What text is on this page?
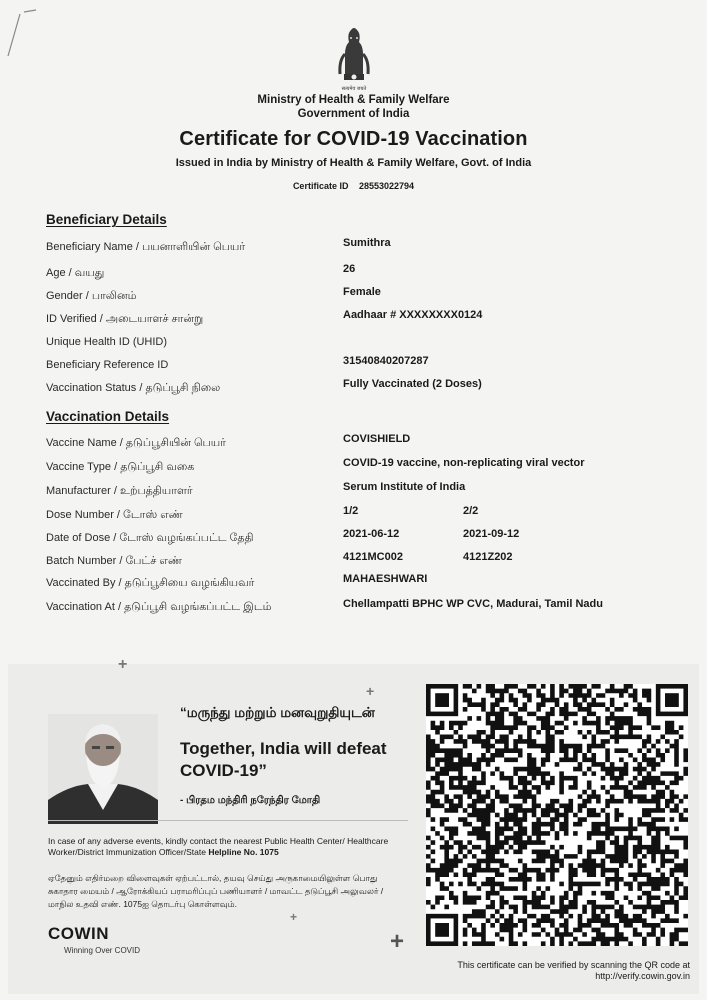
सत्यमेव जयते
Ministry of Health & Family Welfare
Government of India
Certificate for COVID-19 Vaccination
Issued in India by Ministry of Health & Family Welfare, Govt. of India
Certificate ID 28553022794
Beneficiary Details
Beneficiary Name / பயனாளியின் பெயர்	Sumithra
Age / வயது	26
Gender / பாலினம்	Female
ID Verified / அடையாளச் சான்று	Aadhaar # XXXXXXXX0124
Unique Health ID (UHID)
Beneficiary Reference ID	31540840207287
Vaccination Status / தடுப்பூசி நிலை	Fully Vaccinated (2 Doses)
Vaccination Details
Vaccine Name / தடுப்பூசியின் பெயர்	COVISHIELD
Vaccine Type / தடுப்பூசி வகை	COVID-19 vaccine, non-replicating viral vector
Manufacturer / உற்பத்தியாளர்	Serum Institute of India
Dose Number / டோஸ் எண்	1/2	2/2
Date of Dose / டோஸ் வழங்கப்பட்ட தேதி	2021-06-12	2021-09-12
Batch Number / பேட்ச் எண்	4121MC002	4121Z202
Vaccinated By / தடுப்பூசியை வழங்கியவர்	MAHAESHWARI
Vaccination At / தடுப்பூசி வழங்கப்பட்ட இடம்	Chellampatti BPHC WP CVC, Madurai, Tamil Nadu
+
+
+
+
“மருந்து மற்றும் மனவுறுதியுடன்
Together, India will defeat COVID-19”
- பிரதம மந்திரி நரேந்திர மோதி
In case of any adverse events, kindly contact the nearest Public Health Center/ Healthcare Worker/District Immunization Officer/State Helpline No. 1075
ஏதேனும் எதிர்மறை விளைவுகள் ஏற்பட்டால், தயவு செய்து அருகாமையிலுள்ள பொது சுகாதார மையம் / ஆரோக்கியப் பராமரிப்புப் பணியாளர் / மாவட்ட தடுப்பூசி அலுவலர் / மாநில உதவி எண். 1075ஐ தொடர்பு கொள்ளவும்.
COWIN
Winning Over COVID
This certificate can be verified by scanning the QR code at
http://verify.cowin.gov.in
